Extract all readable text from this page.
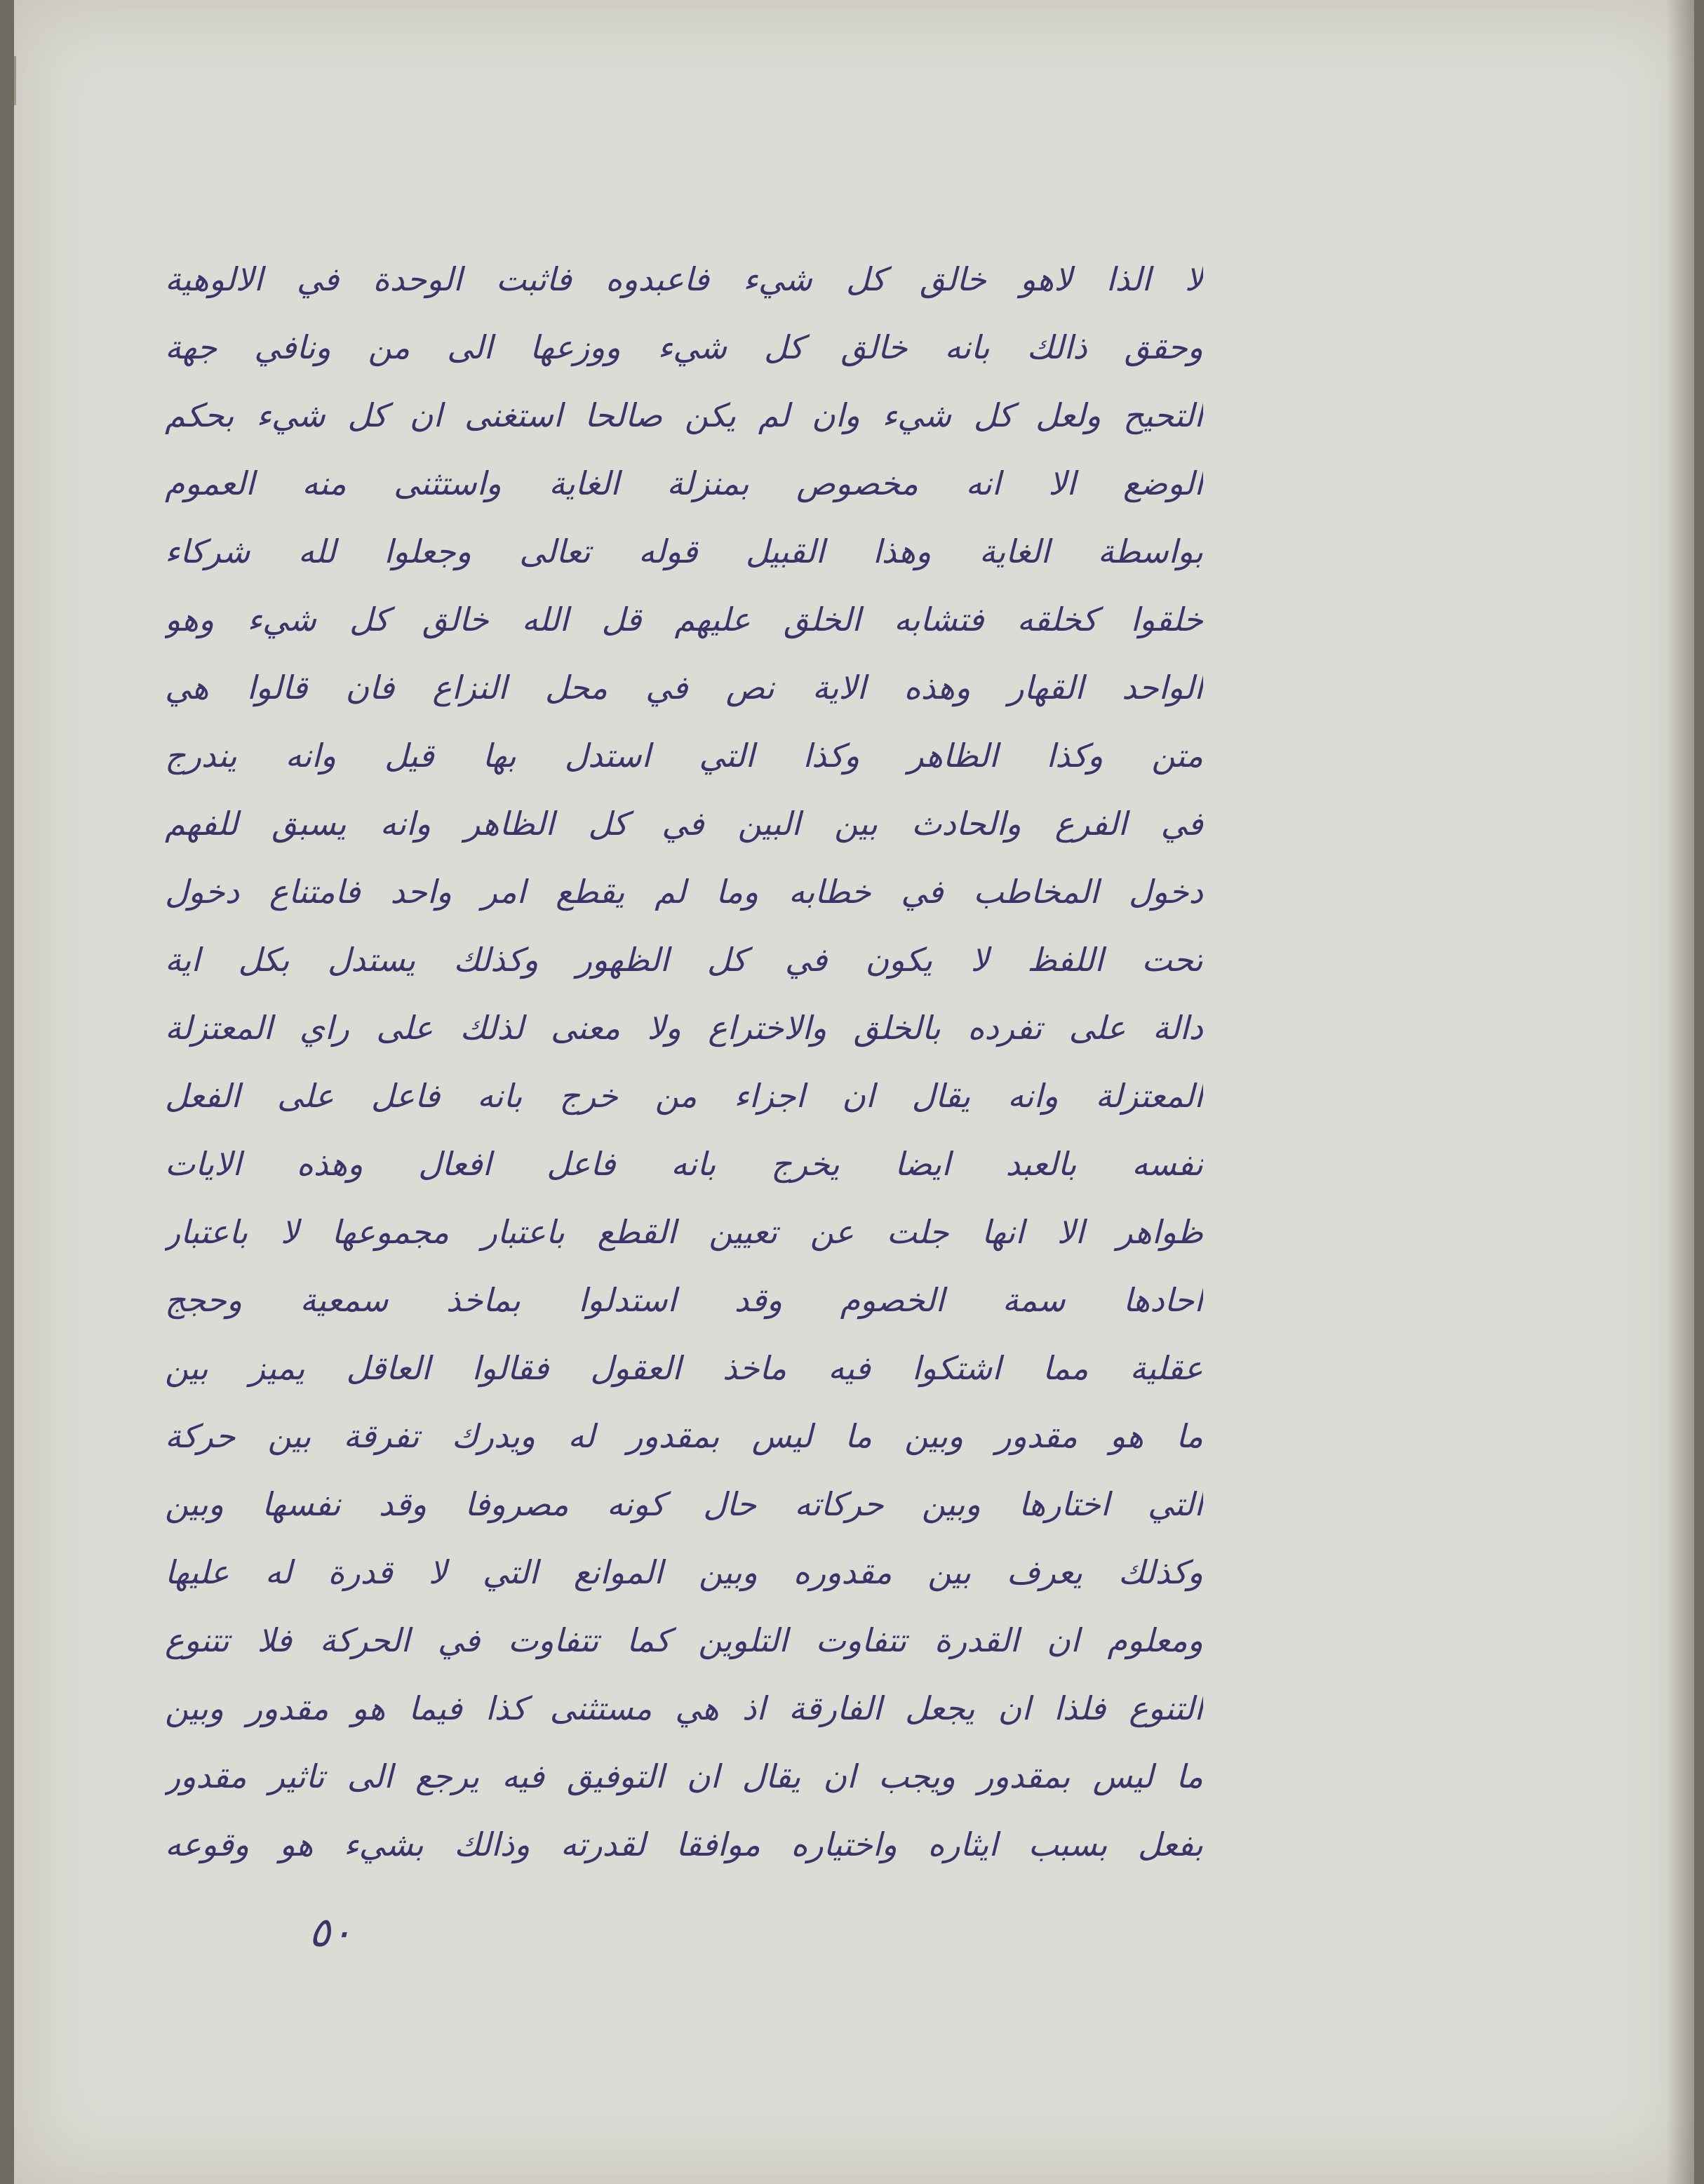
لا الذا لاهو خالق كل شيء فاعبدوه فاثبت الوحدة في الالوهية
وحقق ذالك بانه خالق كل شيء ووزعها الى من ونافي جهة
التحيح ولعل كل شيء وان لم يكن صالحا استغنى ان كل شيء بحكم
الوضع الا انه مخصوص بمنزلة الغاية واستثنى منه العموم
بواسطة الغاية وهذا القبيل قوله تعالى وجعلوا لله شركاء
خلقوا كخلقه فتشابه الخلق عليهم قل الله خالق كل شيء وهو
الواحد القهار وهذه الاية نص في محل النزاع فان قالوا هي
متن وكذا الظاهر وكذا التي استدل بها قيل وانه يندرج
في الفرع والحادث بين البين في كل الظاهر وانه يسبق للفهم
دخول المخاطب في خطابه وما لم يقطع امر واحد فامتناع دخول
تحت اللفظ لا يكون في كل الظهور وكذلك يستدل بكل اية
دالة على تفرده بالخلق والاختراع ولا معنى لذلك على راي المعتزلة
المعتزلة وانه يقال ان اجزاء من خرج بانه فاعل على الفعل
نفسه بالعبد ايضا يخرج بانه فاعل افعال وهذه الايات
ظواهر الا انها جلت عن تعيين القطع باعتبار مجموعها لا باعتبار
احادها سمة الخصوم وقد استدلوا بماخذ سمعية وحجج
عقلية مما اشتكوا فيه ماخذ العقول فقالوا العاقل يميز بين
ما هو مقدور وبين ما ليس بمقدور له ويدرك تفرقة بين حركة
التي اختارها وبين حركاته حال كونه مصروفا وقد نفسها وبين
وكذلك يعرف بين مقدوره وبين الموانع التي لا قدرة له عليها
ومعلوم ان القدرة تتفاوت التلوين كما تتفاوت في الحركة فلا تتنوع
التنوع فلذا ان يجعل الفارقة اذ هي مستثنى كذا فيما هو مقدور وبين
ما ليس بمقدور ويجب ان يقال ان التوفيق فيه يرجع الى تاثير مقدور
بفعل بسبب ايثاره واختياره موافقا لقدرته وذالك بشيء هو وقوعه
٥٠
